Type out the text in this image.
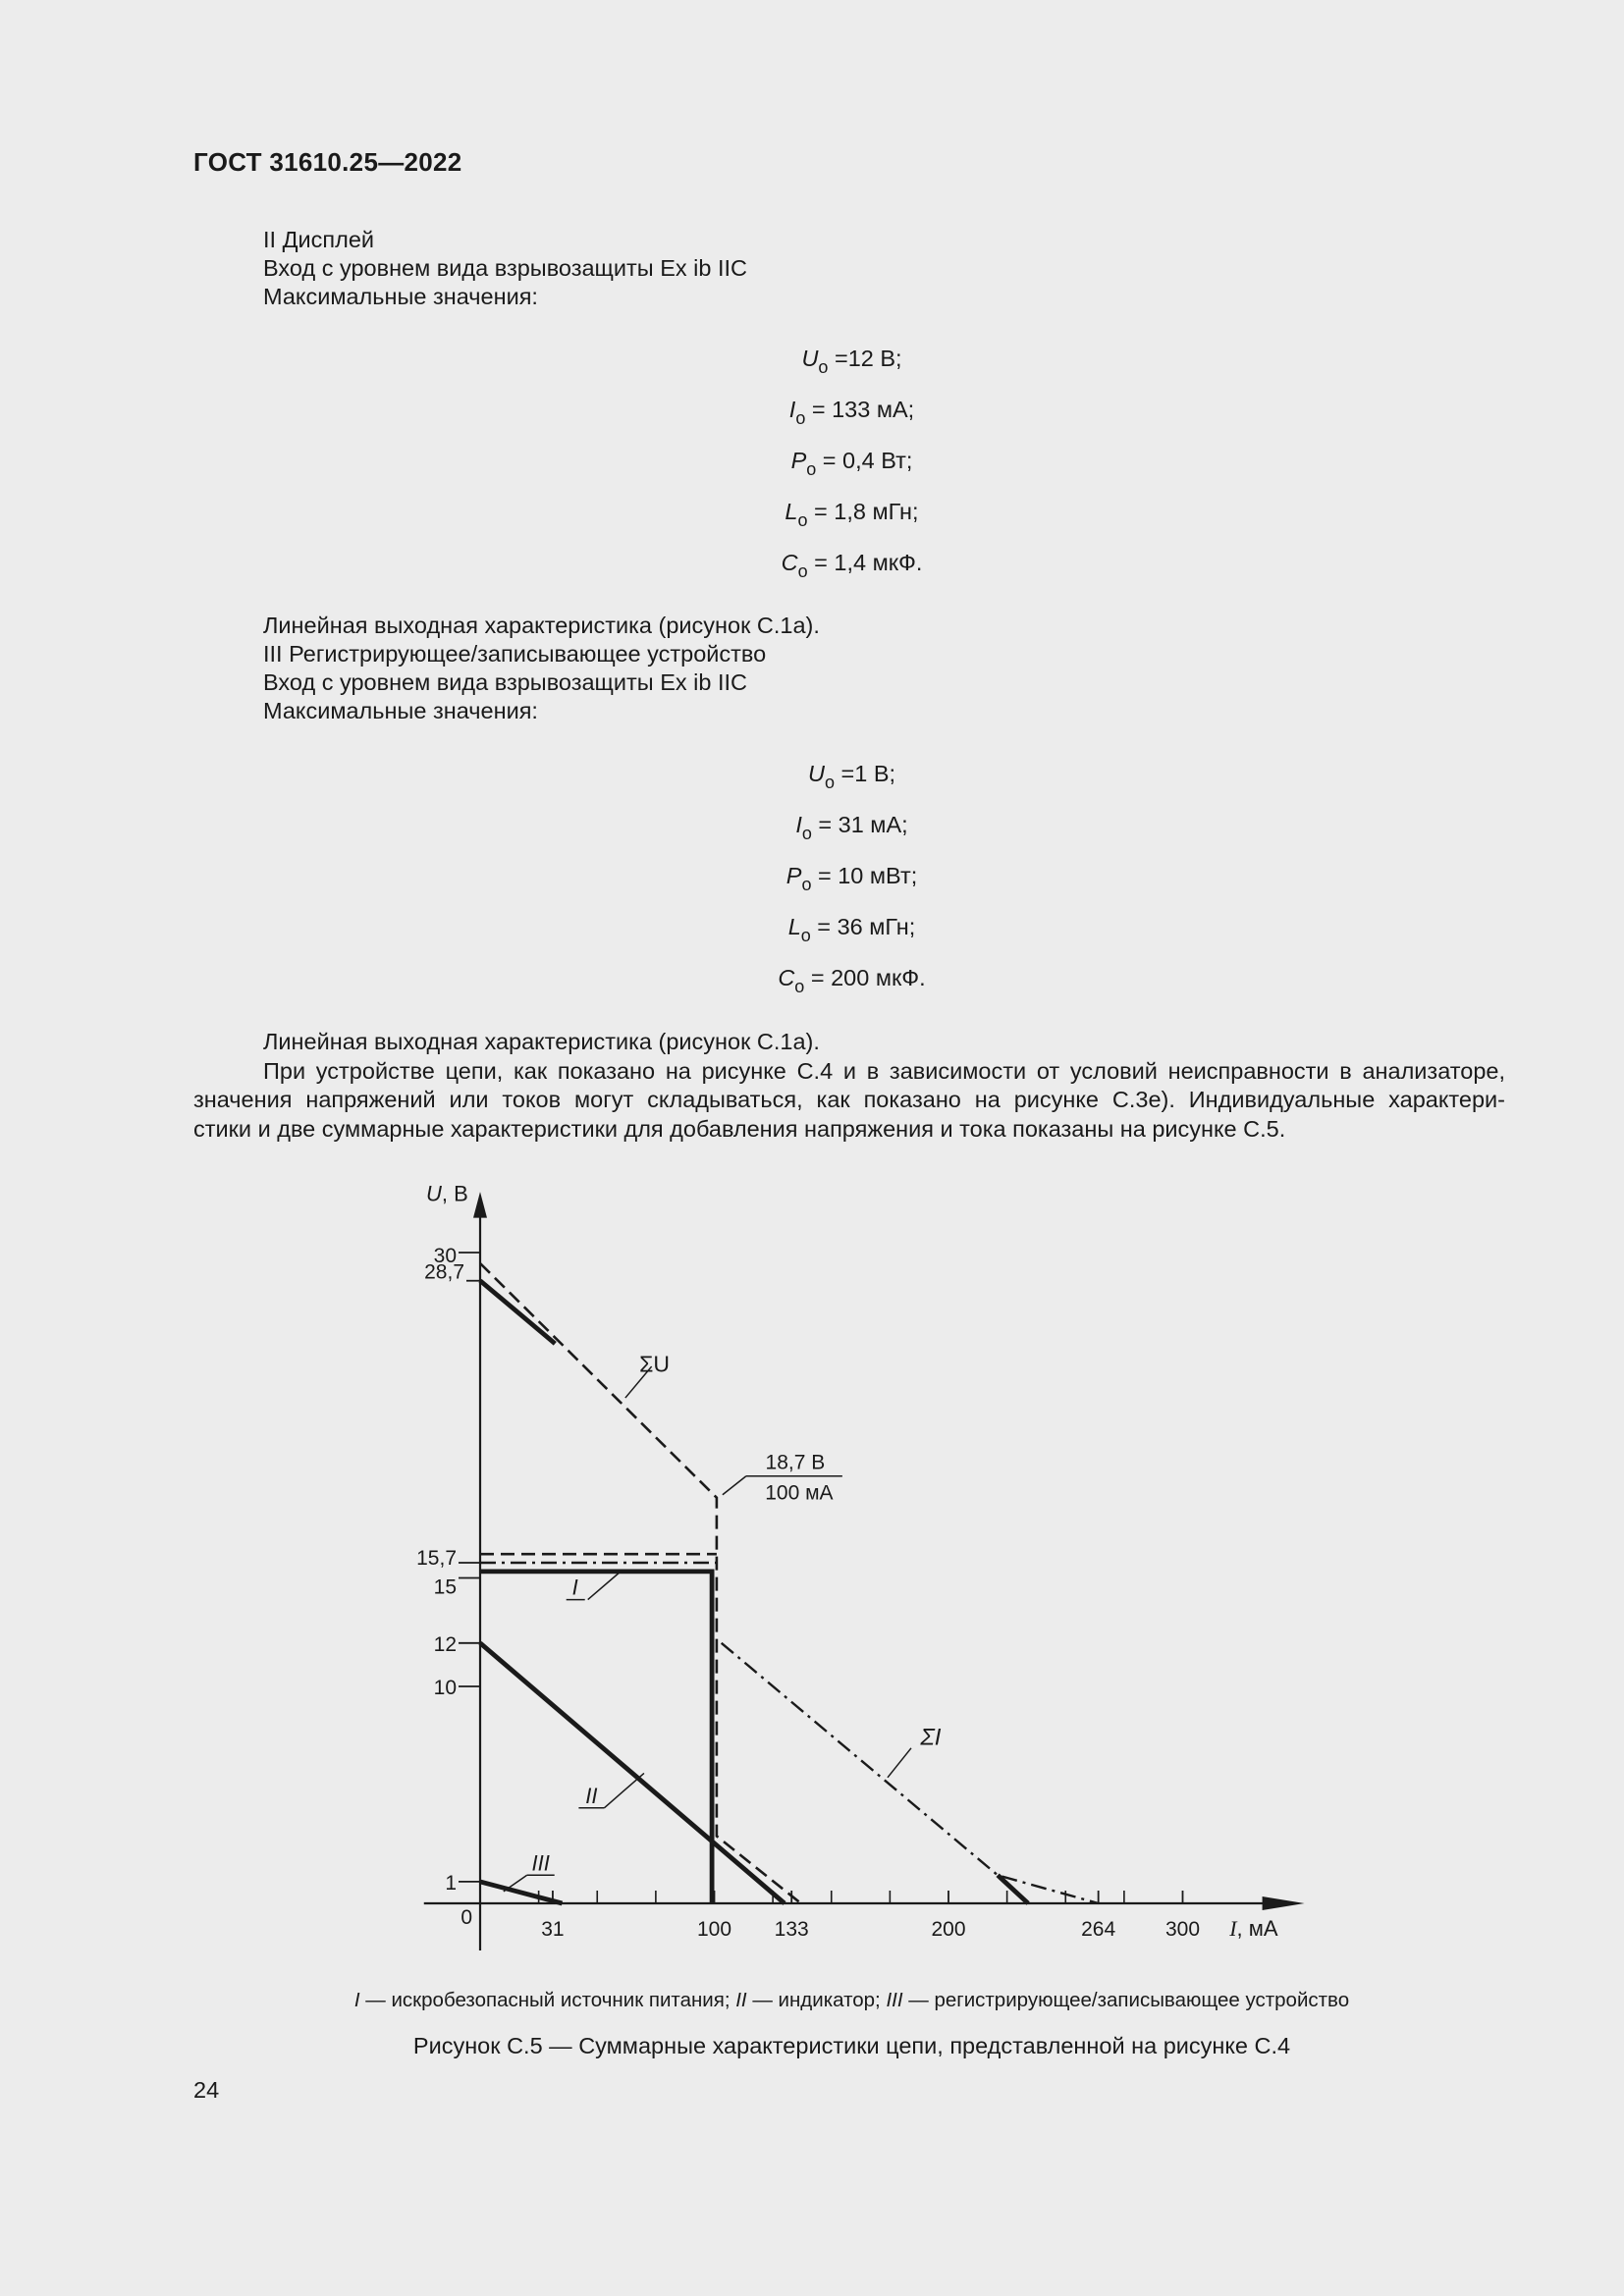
ГОСТ 31610.25—2022
II Дисплей
Вход с уровнем вида взрывозащиты Ex ib IIC
Максимальные значения:
$U_o =12$ В;
$I_o = 133$ мА;
$P_o = 0,4$ Вт;
$L_o = 1,8$ мГн;
$C_o = 1,4$ мкФ.
Линейная выходная характеристика (рисунок С.1а).
III Регистрирующее/записывающее устройство
Вход с уровнем вида взрывозащиты Ex ib IIC
Максимальные значения:
$U_o =1$ В;
$I_o = 31$ мА;
$P_o = 10$ мВт;
$L_o = 36$ мГн;
$C_o = 200$ мкФ.
Линейная выходная характеристика (рисунок С.1а).
При устройстве цепи, как показано на рисунке С.4 и в зависимости от условий неисправности в анализаторе,
значения напряжений или токов могут складываться, как показано на рисунке С.3е). Индивидуальные характери-
стики и две суммарные характеристики для добавления напряжения и тока показаны на рисунке С.5.
U, В
I, мА
31	100 133	200	264 300
0
1
10
12
15
15,7
28,7
30
ΣU
ΣI
I
II
III
18,7 В
100 мА
I — искробезопасный источник питания; II — индикатор; III — регистрирующее/записывающее устройство
Рисунок С.5 — Суммарные характеристики цепи, представленной на рисунке С.4
24
